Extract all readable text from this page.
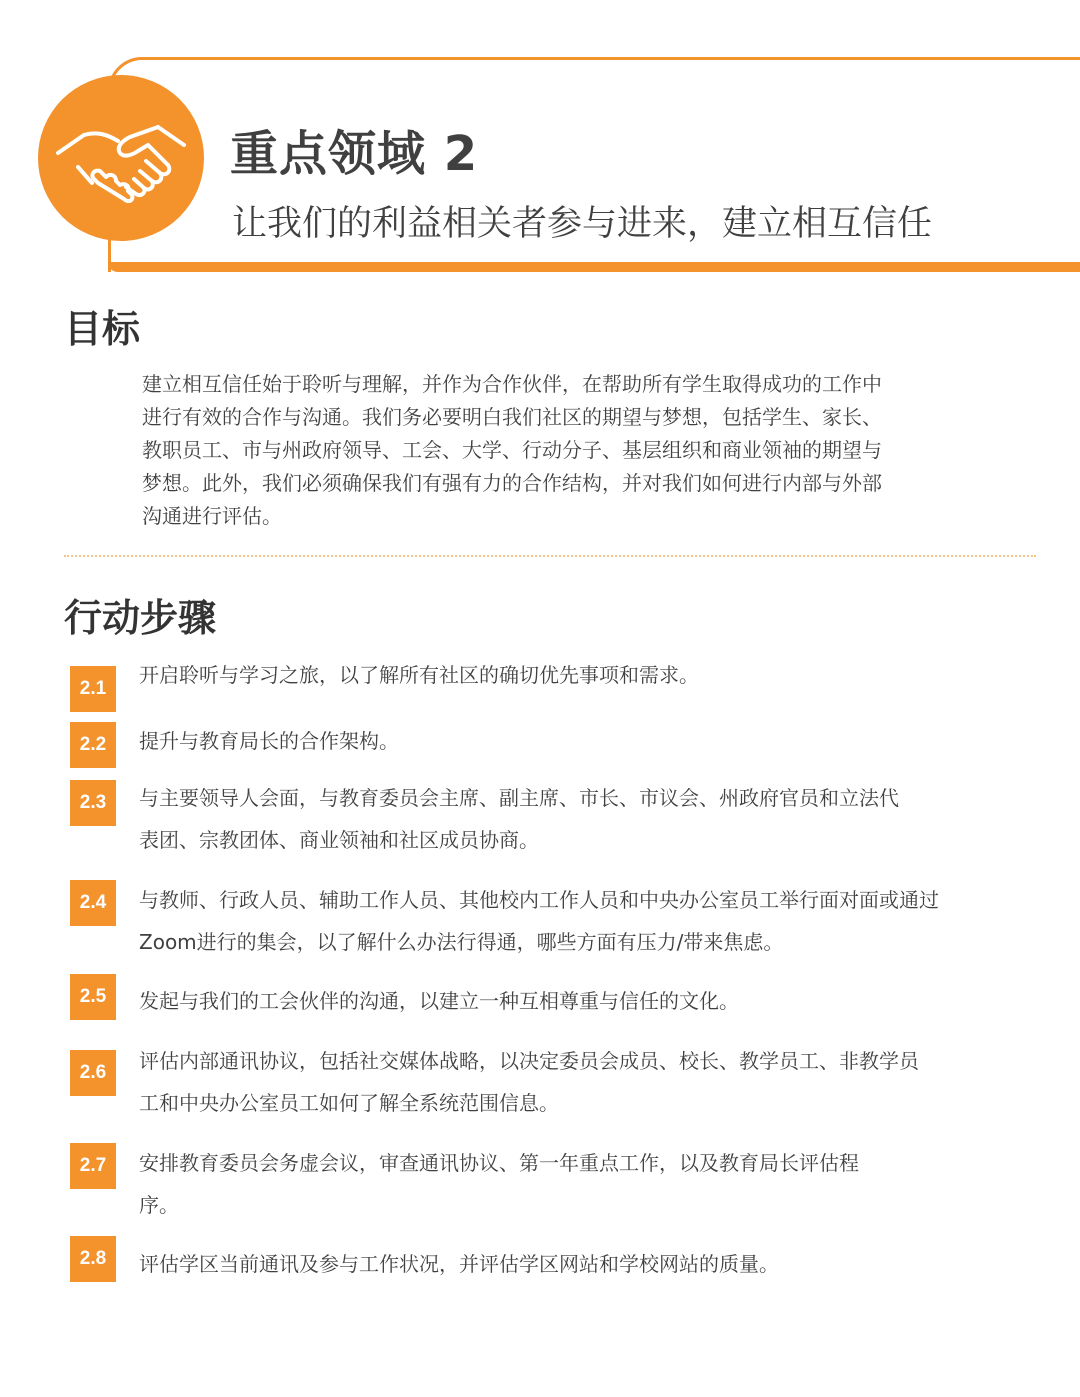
重点领域 2
让我们的利益相关者参与进来，建立相互信任
目标

建立相互信任始于聆听与理解，并作为合作伙伴，在帮助所有学生取得成功的工作中

进行有效的合作与沟通。我们务必要明白我们社区的期望与梦想，包括学生、家长、

教职员工、市与州政府领导、工会、大学、行动分子、基层组织和商业领袖的期望与

梦想。此外，我们必须确保我们有强有力的合作结构，并对我们如何进行内部与外部

沟通进行评估。

行动步骤
2.1

开启聆听与学习之旅，以了解所有社区的确切优先事项和需求。

2.2	提升与教育局长的合作架构。

2.3	与主要领导人会面，与教育委员会主席、副主席、市长、市议会、州政府官员和立法代

表团、宗教团体、商业领袖和社区成员协商。

2.4	与教师、行政人员、辅助工作人员、其他校内工作人员和中央办公室员工举行面对面或通过

Zoom进行的集会，以了解什么办法行得通，哪些方面有压力/带来焦虑。

2.5	发起与我们的工会伙伴的沟通，以建立一种互相尊重与信任的文化。

2.6	评估内部通讯协议，包括社交媒体战略，以决定委员会成员、校长、教学员工、非教学员

工和中央办公室员工如何了解全系统范围信息。

2.7	安排教育委员会务虚会议，审查通讯协议、第一年重点工作，以及教育局长评估程

序。

2.8	评估学区当前通讯及参与工作状况，并评估学区网站和学校网站的质量。
